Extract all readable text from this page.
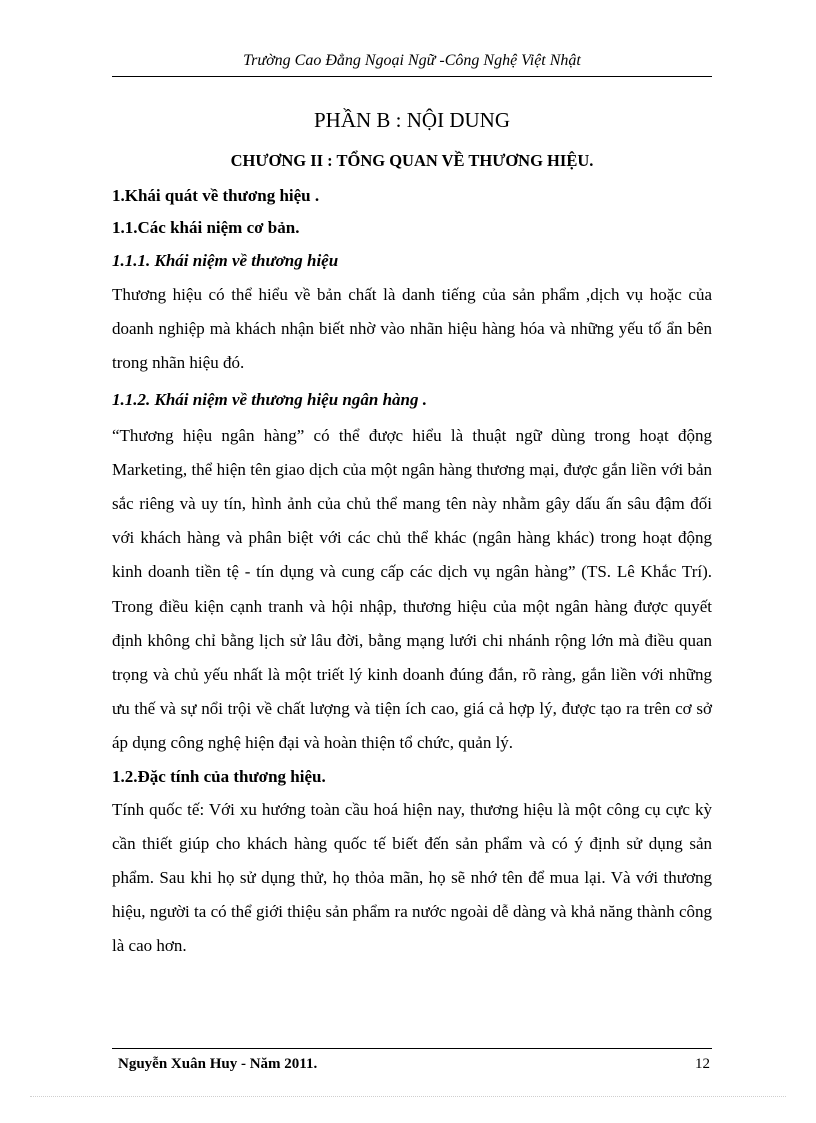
Trường Cao Đẳng Ngoại Ngữ -Công Nghệ Việt Nhật
PHẦN B : NỘI DUNG
CHƯƠNG II : TỔNG QUAN VỀ THƯƠNG HIỆU.
1.Khái quát về thương hiệu .
1.1.Các khái niệm cơ bản.
1.1.1. Khái niệm về thương hiệu

Thương hiệu có thể hiểu về bản chất là danh tiếng của sản phẩm ,dịch vụ hoặc của doanh nghiệp mà khách nhận biết nhờ vào nhãn hiệu hàng hóa và những yếu tố ẩn bên trong nhãn hiệu đó.

1.1.2. Khái niệm về thương hiệu ngân hàng .

“Thương hiệu ngân hàng” có thể được hiểu là thuật ngữ dùng trong hoạt động Marketing, thể hiện tên giao dịch của một ngân hàng thương mại, được gắn liền với bản sắc riêng và uy tín, hình ảnh của chủ thể mang tên này nhằm gây dấu ấn sâu đậm đối với khách hàng và phân biệt với các chủ thể khác (ngân hàng khác) trong hoạt động kinh doanh tiền tệ - tín dụng và cung cấp các dịch vụ ngân hàng” (TS. Lê Khắc Trí). Trong điều kiện cạnh tranh và hội nhập, thương hiệu của một ngân hàng được quyết định không chỉ bằng lịch sử lâu đời, bằng mạng lưới chi nhánh rộng lớn mà điều quan trọng và chủ yếu nhất là một triết lý kinh doanh đúng đắn, rõ ràng, gắn liền với những ưu thế và sự nổi trội về chất lượng và tiện ích cao, giá cả hợp lý, được tạo ra trên cơ sở áp dụng công nghệ hiện đại và hoàn thiện tổ chức, quản lý.

1.2.Đặc tính của thương hiệu.

Tính quốc tế: Với xu hướng toàn cầu hoá hiện nay, thương hiệu là một công cụ cực kỳ cần thiết giúp cho khách hàng quốc tế biết đến sản phẩm và có ý định sử dụng sản phẩm. Sau khi họ sử dụng thử, họ thỏa mãn, họ sẽ nhớ tên để mua lại. Và với thương hiệu, người ta có thể giới thiệu sản phẩm ra nước ngoài dễ dàng và khả năng thành công là cao hơn.

Nguyễn Xuân Huy - Năm 2011.	12
